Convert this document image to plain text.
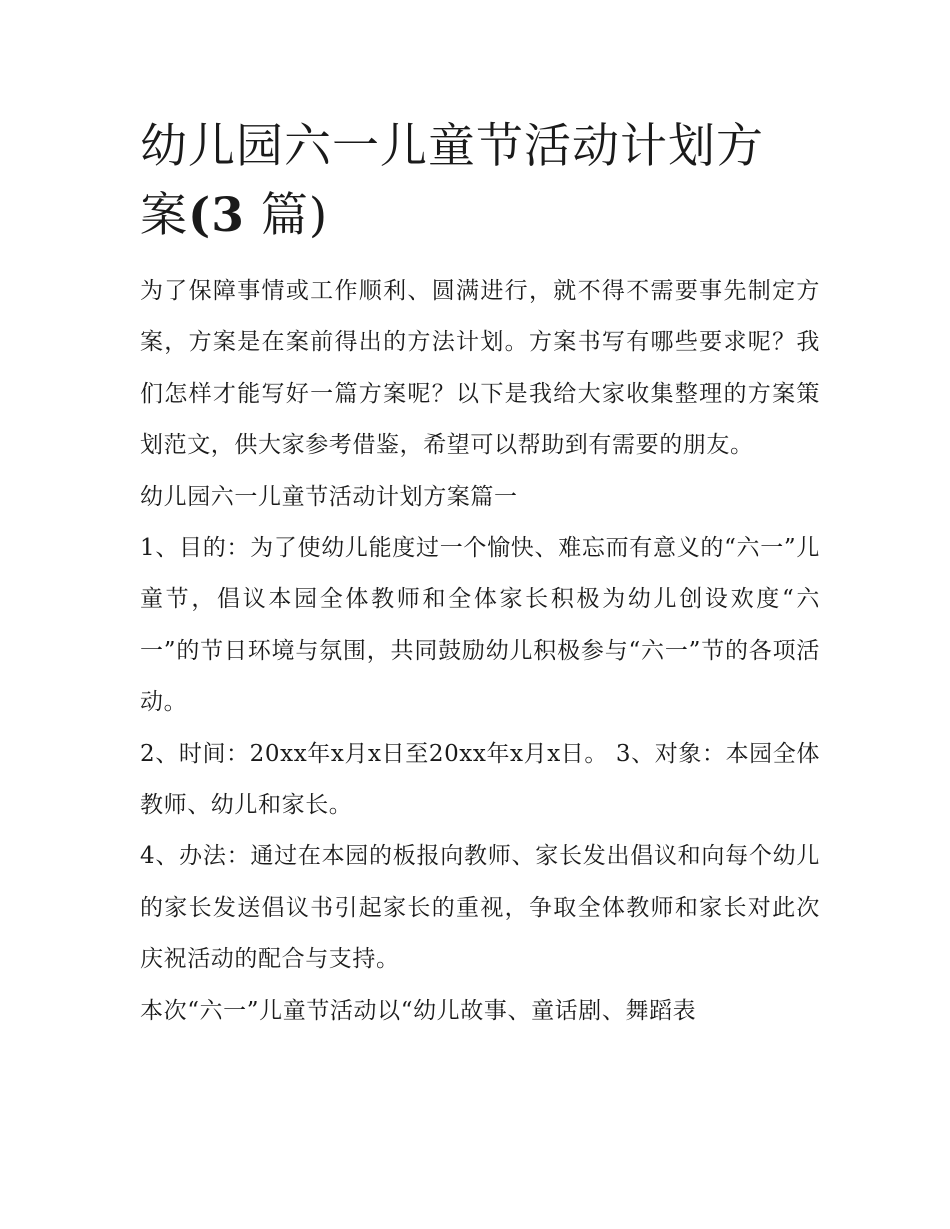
幼儿园六一儿童节活动计划方
案(3 篇)

为了保障事情或工作顺利、圆满进行，就不得不需要事先制定方案，方案是在案前得出的方法计划。方案书写有哪些要求呢？我们怎样才能写好一篇方案呢？以下是我给大家收集整理的方案策划范文，供大家参考借鉴，希望可以帮助到有需要的朋友。

幼儿园六一儿童节活动计划方案篇一

1、目的：为了使幼儿能度过一个愉快、难忘而有意义的“六一”儿童节，倡议本园全体教师和全体家长积极为幼儿创设欢度“六一”的节日环境与氛围，共同鼓励幼儿积极参与“六一”节的各项活动。

2、时间：20xx年x月x日至20xx年x月x日。 3、对象：本园全体教师、幼儿和家长。

4、办法：通过在本园的板报向教师、家长发出倡议和向每个幼儿的家长发送倡议书引起家长的重视，争取全体教师和家长对此次庆祝活动的配合与支持。

本次“六一”儿童节活动以“幼儿故事、童话剧、舞蹈表
